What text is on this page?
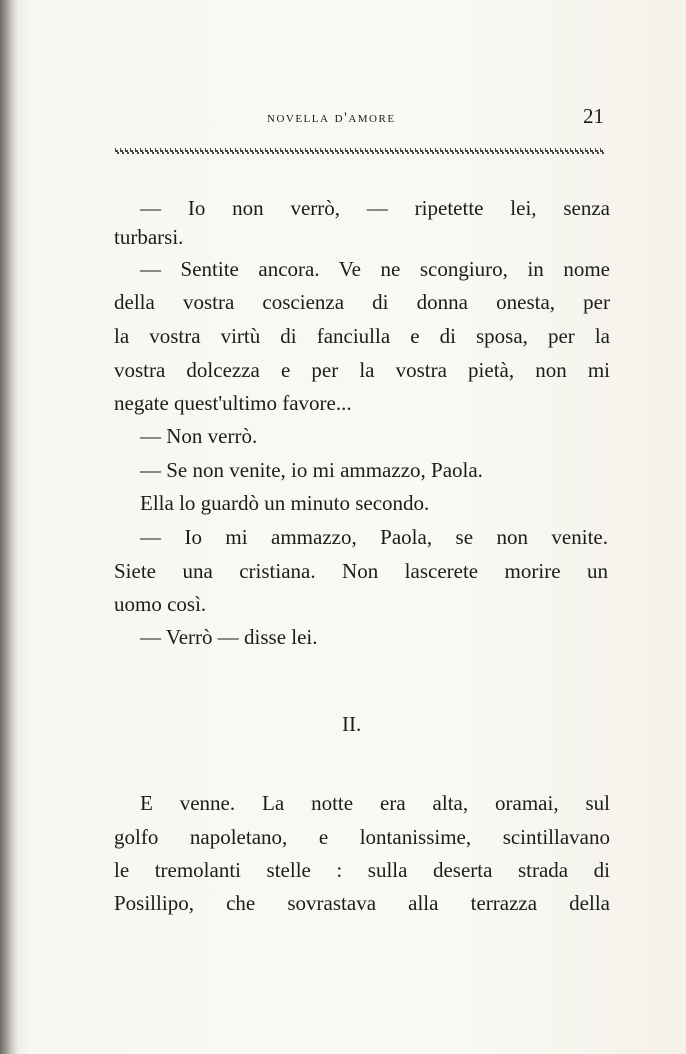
novella d'amore	21
— Io non verrò, — ripetette lei, senza
turbarsi.
— Sentite ancora. Ve ne scongiuro, in nome
della vostra coscienza di donna onesta, per
la vostra virtù di fanciulla e di sposa, per la
vostra dolcezza e per la vostra pietà, non mi
negate quest'ultimo favore...
— Non verrò.
— Se non venite, io mi ammazzo, Paola.
Ella lo guardò un minuto secondo.
— Io mi ammazzo, Paola, se non venite.
Siete una cristiana. Non lascerete morire un
uomo così.
— Verrò — disse lei.
II.
E venne. La notte era alta, oramai, sul
golfo napoletano, e lontanissime, scintillavano
le tremolanti stelle : sulla deserta strada di
Posillipo, che sovrastava alla terrazza della
